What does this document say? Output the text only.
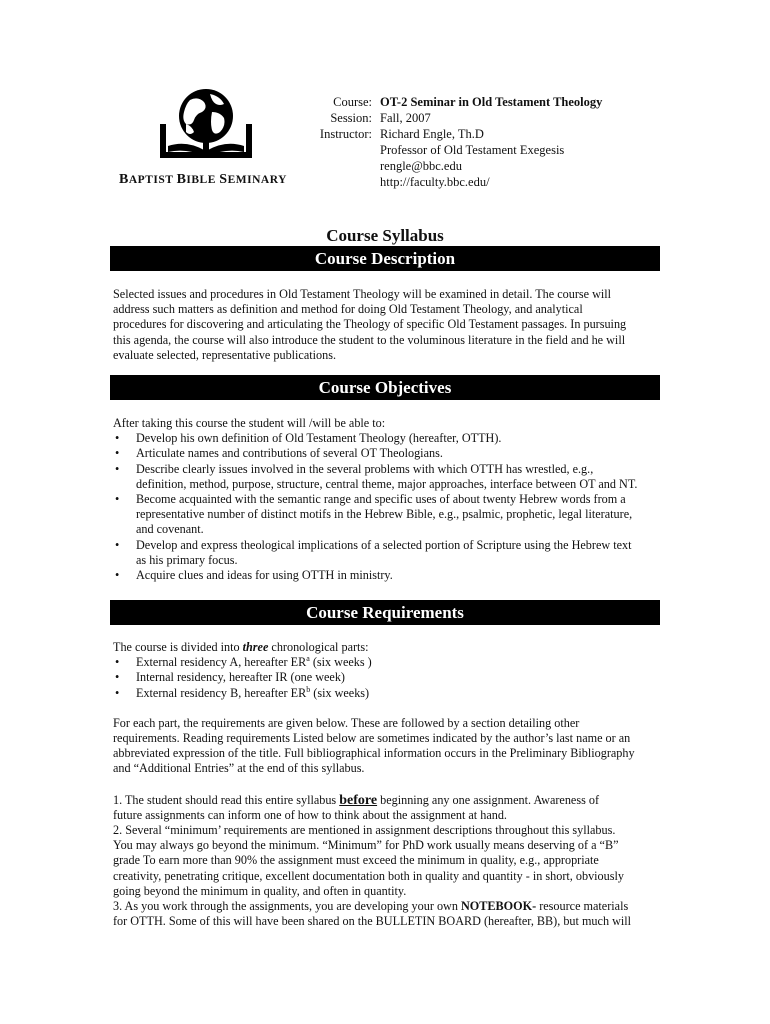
BAPTIST BIBLE SEMINARY
Course: OT-2 Seminar in Old Testament Theology
Session: Fall, 2007
Instructor: Richard Engle, Th.D
Professor of Old Testament Exegesis
rengle@bbc.edu
http://faculty.bbc.edu/
Course Syllabus
Course Description

Selected issues and procedures in Old Testament Theology will be examined in detail. The course will

address such matters as definition and method for doing Old Testament Theology, and analytical

procedures for discovering and articulating the Theology of specific Old Testament passages. In pursuing

this agenda, the course will also introduce the student to the voluminous literature in the field and he will

evaluate selected, representative publications.

Course Objectives

After taking this course the student will /will be able to:

• Develop his own definition of Old Testament Theology (hereafter, OTTH).
• Articulate names and contributions of several OT Theologians.
• Describe clearly issues involved in the several problems with which OTTH has wrestled, e.g.,
definition, method, purpose, structure, central theme, major approaches, interface between OT and NT.
• Become acquainted with the semantic range and specific uses of about twenty Hebrew words from a
representative number of distinct motifs in the Hebrew Bible, e.g., psalmic, prophetic, legal literature,
and covenant.
• Develop and express theological implications of a selected portion of Scripture using the Hebrew text
as his primary focus.
• Acquire clues and ideas for using OTTH in ministry.
Course Requirements

The course is divided into three chronological parts:

• External residency A, hereafter $ER^a$ (six weeks )
• Internal residency, hereafter IR (one week)
• External residency B, hereafter $ER^b$ (six weeks)

For each part, the requirements are given below. These are followed by a section detailing other

requirements. Reading requirements Listed below are sometimes indicated by the author’s last name or an

abbreviated expression of the title. Full bibliographical information occurs in the Preliminary Bibliography

and “Additional Entries” at the end of this syllabus.

1. The student should read this entire syllabus before beginning any one assignment. Awareness of

future assignments can inform one of how to think about the assignment at hand.

2. Several “minimum’ requirements are mentioned in assignment descriptions throughout this syllabus.

You may always go beyond the minimum. “Minimum” for PhD work usually means deserving of a “B”

grade To earn more than 90% the assignment must exceed the minimum in quality, e.g., appropriate

creativity, penetrating critique, excellent documentation both in quality and quantity - in short, obviously

going beyond the minimum in quality, and often in quantity.

3. As you work through the assignments, you are developing your own NOTEBOOK- resource materials

for OTTH. Some of this will have been shared on the BULLETIN BOARD (hereafter, BB), but much will
